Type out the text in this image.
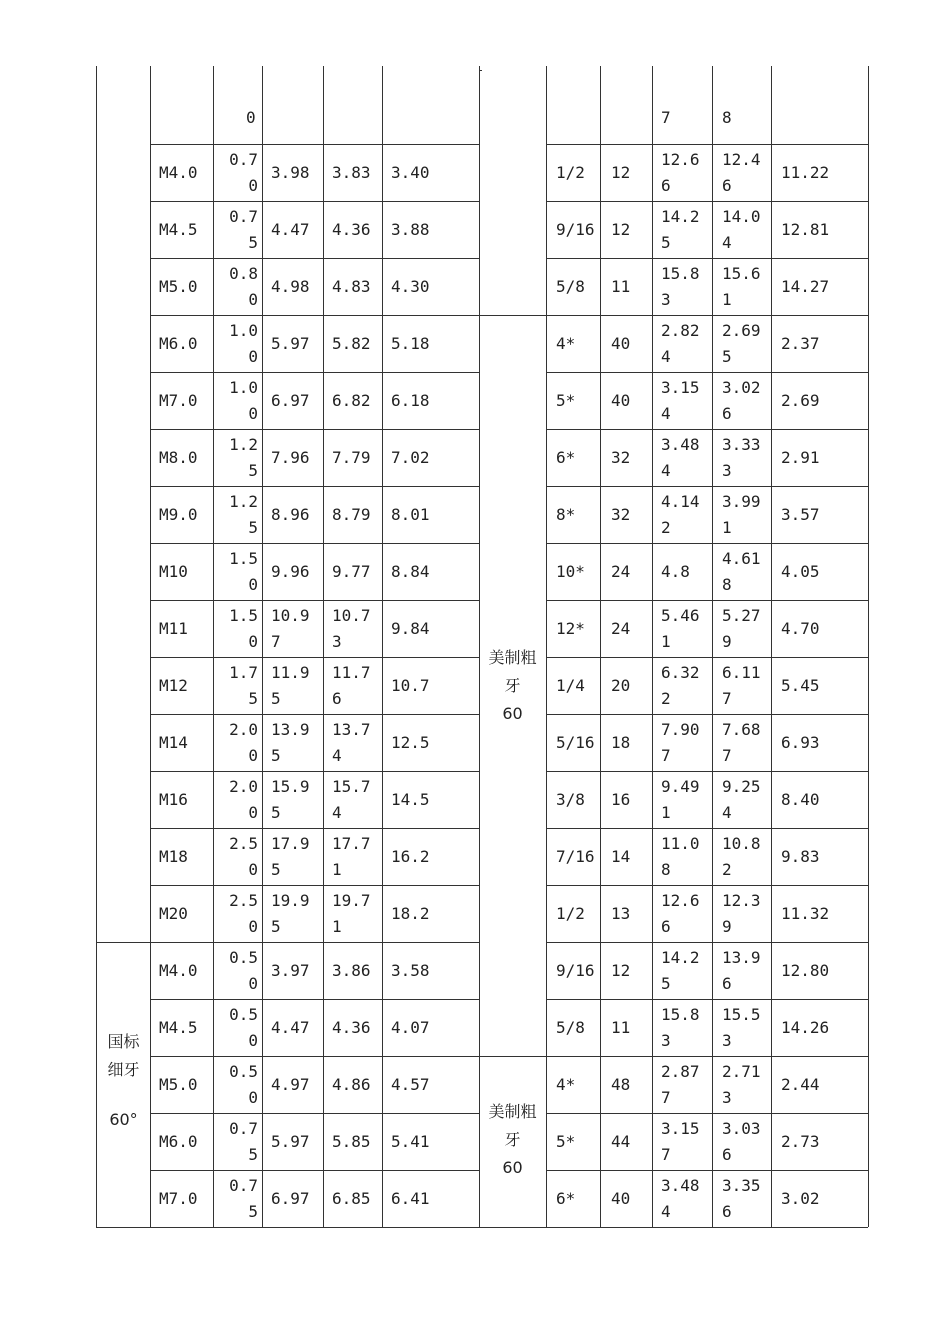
0	7	8
M4.0
0.7
0
3.98 3.83 3.40
M4.5
0.7
5
4.47 4.36 3.88
M5.0
0.8
0
4.98 4.83 4.30
M6.0
1.0
0
5.97 5.82 5.18
M7.0
1.0
0
6.97 6.82 6.18
M8.0
1.2
5
7.96 7.79 7.02
M9.0
1.2
5
8.96 8.79 8.01
M10
1.5
0
9.96 9.77 8.84
M11
1.5
0
10.9
7
10.7
3
9.84
M12
1.7
5
11.9
5
11.7
6
10.7
M14
2.0
0
13.9
5
13.7
4
12.5
M16
2.0
0
15.9
5
15.7
4
14.5
M18
2.5
0
17.9
5
17.7
1
16.2
M20
2.5
0
19.9
5
19.7
1
18.2
M4.0
0.5
0
3.97 3.86 3.58
M4.5
0.5
0
4.47 4.36 4.07
M5.0
0.5
0
4.97 4.86 4.57
M6.0
0.7
5
5.97 5.85 5.41
M7.0
0.7
5
6.97 6.85 6.41
1/2 12
12.6
6
12.4
6
11.22
9/16 12
14.2
5
14.0
4
12.81
5/8 11
15.8
3
15.6
1
14.27
4* 40
2.82
4
2.69
5
2.37
5* 40
3.15
4
3.02
6
2.69
6* 32
3.48
4
3.33
3
2.91
8* 32
4.14
2
3.99
1
3.57
10* 24 4.8
4.61
8
4.05
12* 24
5.46
1
5.27
9
4.70
1/4 20
6.32
2
6.11
7
5.45
5/16 18
7.90
7
7.68
7
6.93
3/8 16
9.49
1
9.25
4
8.40
7/16 14
11.0
8
10.8
2
9.83
1/2 13
12.6
6
12.3
9
11.32
9/16 12
14.2
5
13.9
6
12.80
5/8 11
15.8
3
15.5
3
14.26
4* 48
2.87
7
2.71
3
2.44
5* 44
3.15
7
3.03
6
2.73
6* 40
3.48
4
3.35
6
3.02
国标
细牙
60°
美制粗
牙
60
美制粗
牙
60
